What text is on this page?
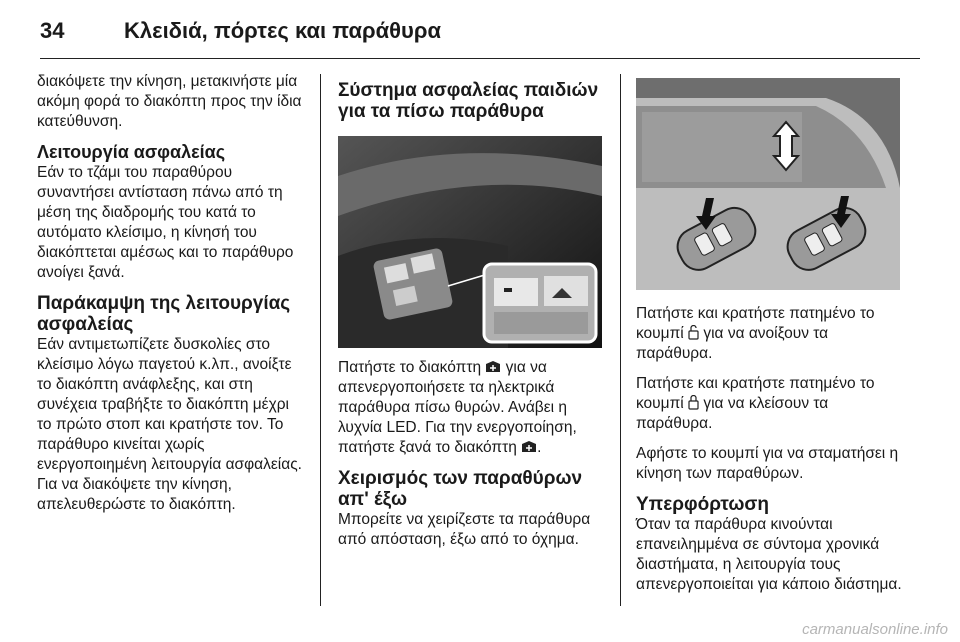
34	Κλειδιά, πόρτες και παράθυρα

διακόψετε την κίνηση, μετακινήστε μία ακόμη φορά το διακόπτη προς την ίδια κατεύθυνση.

Λειτουργία ασφαλείας

Εάν το τζάμι του παραθύρου συναντήσει αντίσταση πάνω από τη μέση της διαδρομής του κατά το αυτόματο κλείσιμο, η κίνησή του διακόπτεται αμέσως και το παράθυρο ανοίγει ξανά.

Παράκαμψη της λειτουργίας ασφαλείας

Εάν αντιμετωπίζετε δυσκολίες στο κλείσιμο λόγω παγετού κ.λπ., ανοίξτε το διακόπτη ανάφλεξης, και στη συνέχεια τραβήξτε το διακόπτη μέχρι το πρώτο στοπ και κρατήστε τον. Το παράθυρο κινείται χωρίς ενεργοποιημένη λειτουργία ασφαλείας. Για να διακόψετε την κίνηση, απελευθερώστε το διακόπτη.

Σύστημα ασφαλείας παιδιών για τα πίσω παράθυρα

Πατήστε το διακόπτη  για να απενεργοποιήσετε τα ηλεκτρικά παράθυρα πίσω θυρών. Ανάβει η λυχνία LED. Για την ενεργοποίηση, πατήστε ξανά το διακόπτη .

Χειρισμός των παραθύρων απ' έξω

Μπορείτε να χειρίζεστε τα παράθυρα από απόσταση, έξω από το όχημα.

Πατήστε και κρατήστε πατημένο το κουμπί  για να ανοίξουν τα παράθυρα.

Πατήστε και κρατήστε πατημένο το κουμπί  για να κλείσουν τα παράθυρα.

Αφήστε το κουμπί για να σταματήσει η κίνηση των παραθύρων.

Υπερφόρτωση

Όταν τα παράθυρα κινούνται επανειλημμένα σε σύντομα χρονικά διαστήματα, η λειτουργία τους απενεργοποιείται για κάποιο διάστημα.

carmanualsonline.info
